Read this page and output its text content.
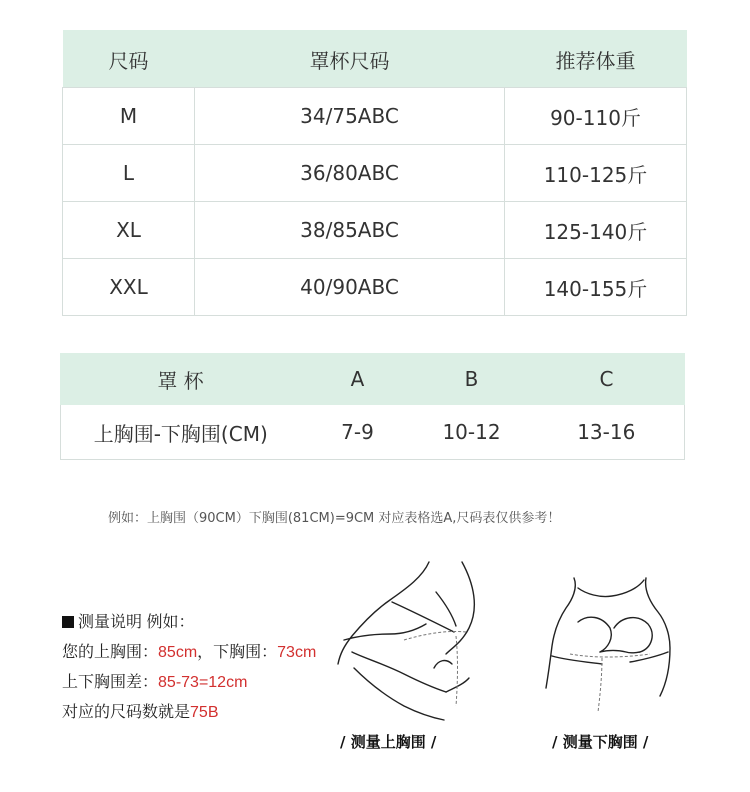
尺码	罩杯尺码	推荐体重
M	34/75ABC	90-110斤
L	36/80ABC	110-125斤
XL	38/85ABC	125-140斤
XXL	40/90ABC	140-155斤
罩 杯	A	B	C
上胸围-下胸围(CM)	7-9	10-12	13-16
例如：上胸围（90CM）下胸围(81CM)=9CM 对应表格选A,尺码表仅供参考！
测量说明 例如：
您的上胸围：85cm，下胸围：73cm
上下胸围差：85-73=12cm
对应的尺码数就是75B
/ 测量上胸围 /	/ 测量下胸围 /
